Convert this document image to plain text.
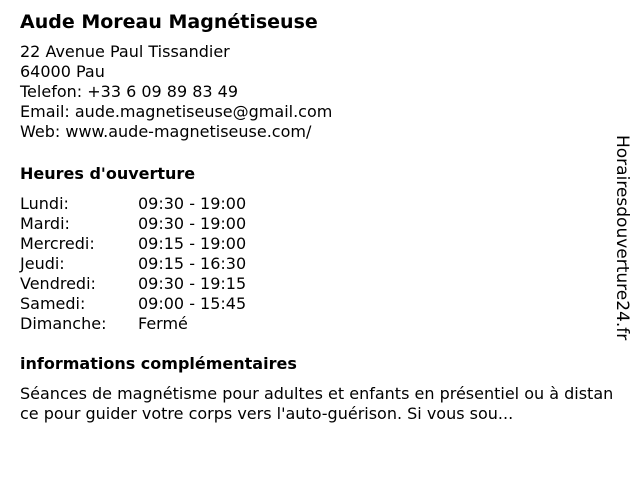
Aude Moreau Magnétiseuse
22 Avenue Paul Tissandier
64000 Pau
Telefon: +33 6 09 89 83 49
Email: aude.magnetiseuse@gmail.com
Web: www.aude-magnetiseuse.com/
Heures d'ouverture
Lundi:	09:30 - 19:00
Mardi:	09:30 - 19:00
Mercredi:	09:15 - 19:00
Jeudi:	09:15 - 16:30
Vendredi:	09:30 - 19:15
Samedi:	09:00 - 15:45
Dimanche:	Fermé
informations complémentaires
Séances de magnétisme pour adultes et enfants en présentiel ou à distance pour guider votre corps vers l'auto-guérison. Si vous sou...
Horairesdouverture24.fr
